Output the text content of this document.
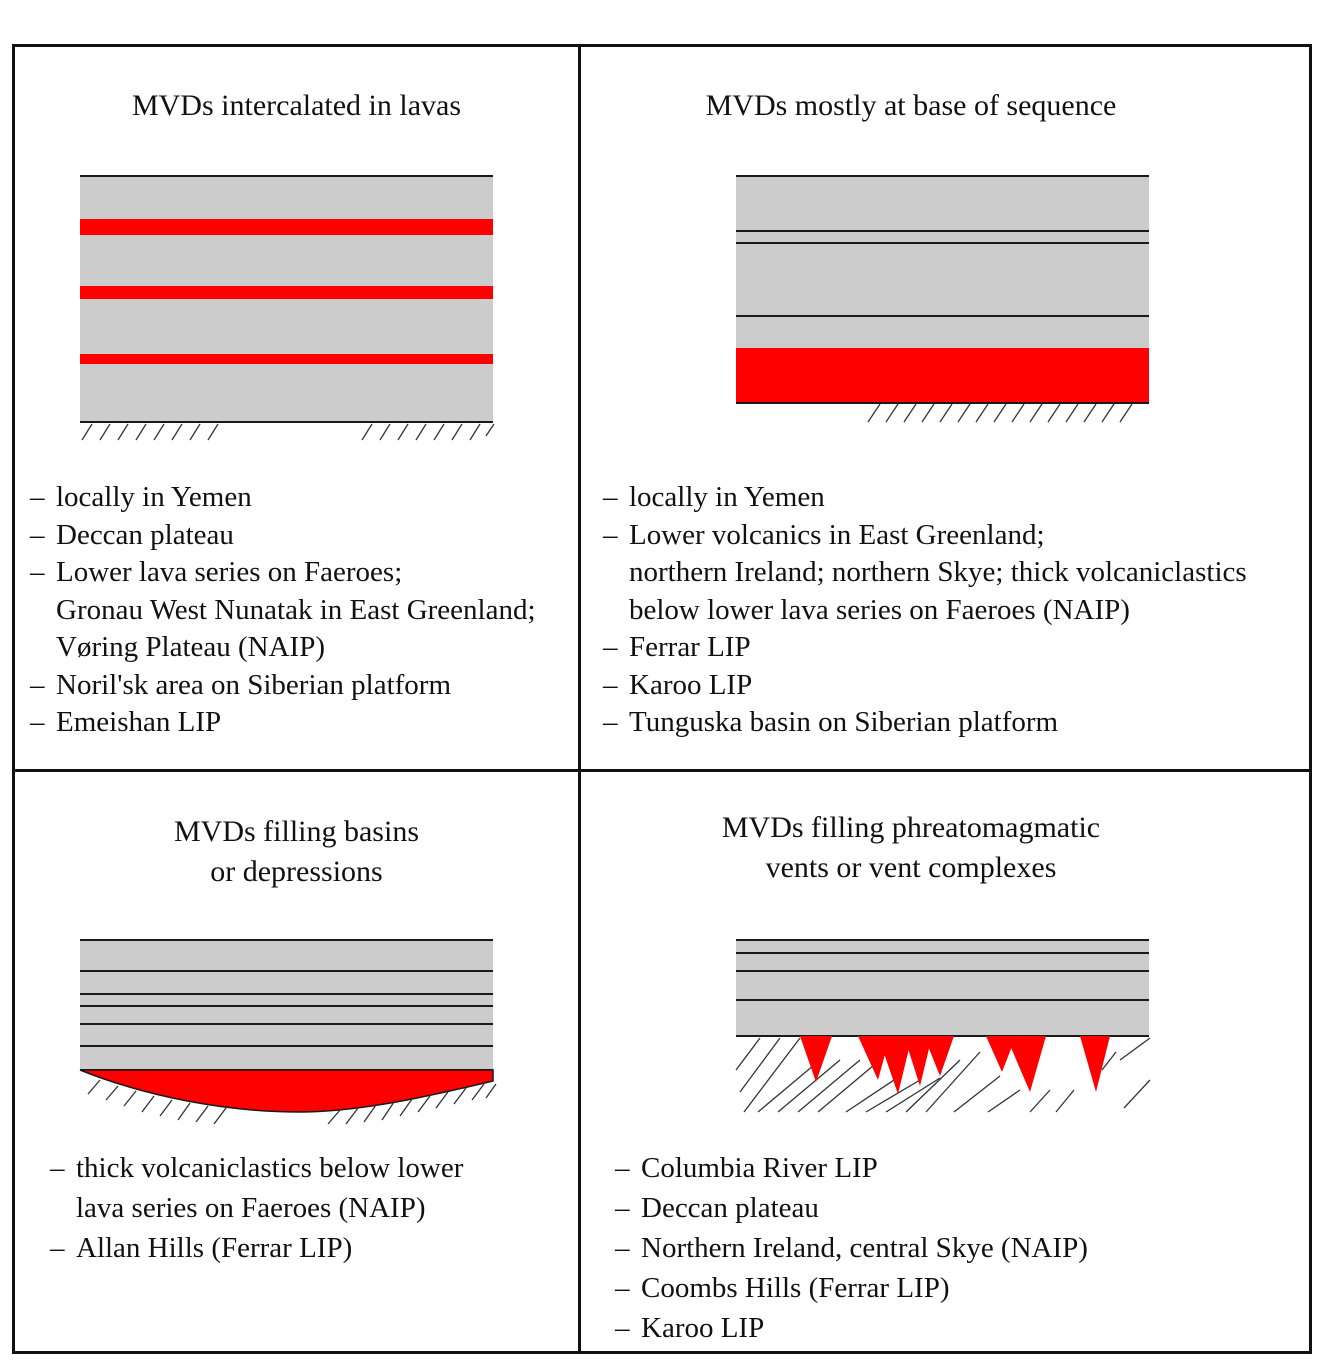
MVDs intercalated in lavas	MVDs mostly at base of sequence
MVDs filling basins
or depressions
MVDs filling phreatomagmatic
vents or vent complexes
– locally in Yemen
– Deccan plateau
– Lower lava series on Faeroes;
Gronau West Nunatak in East Greenland;
Vøring Plateau (NAIP)
– Noril'sk area on Siberian platform
– Emeishan LIP
– locally in Yemen
– Lower volcanics in East Greenland;
northern Ireland; northern Skye; thick volcaniclastics
below lower lava series on Faeroes (NAIP)
– Ferrar LIP
– Karoo LIP
– Tunguska basin on Siberian platform
– thick volcaniclastics below lower
lava series on Faeroes (NAIP)
– Allan Hills (Ferrar LIP)
– Columbia River LIP
– Deccan plateau
– Northern Ireland, central Skye (NAIP)
– Coombs Hills (Ferrar LIP)
– Karoo LIP
